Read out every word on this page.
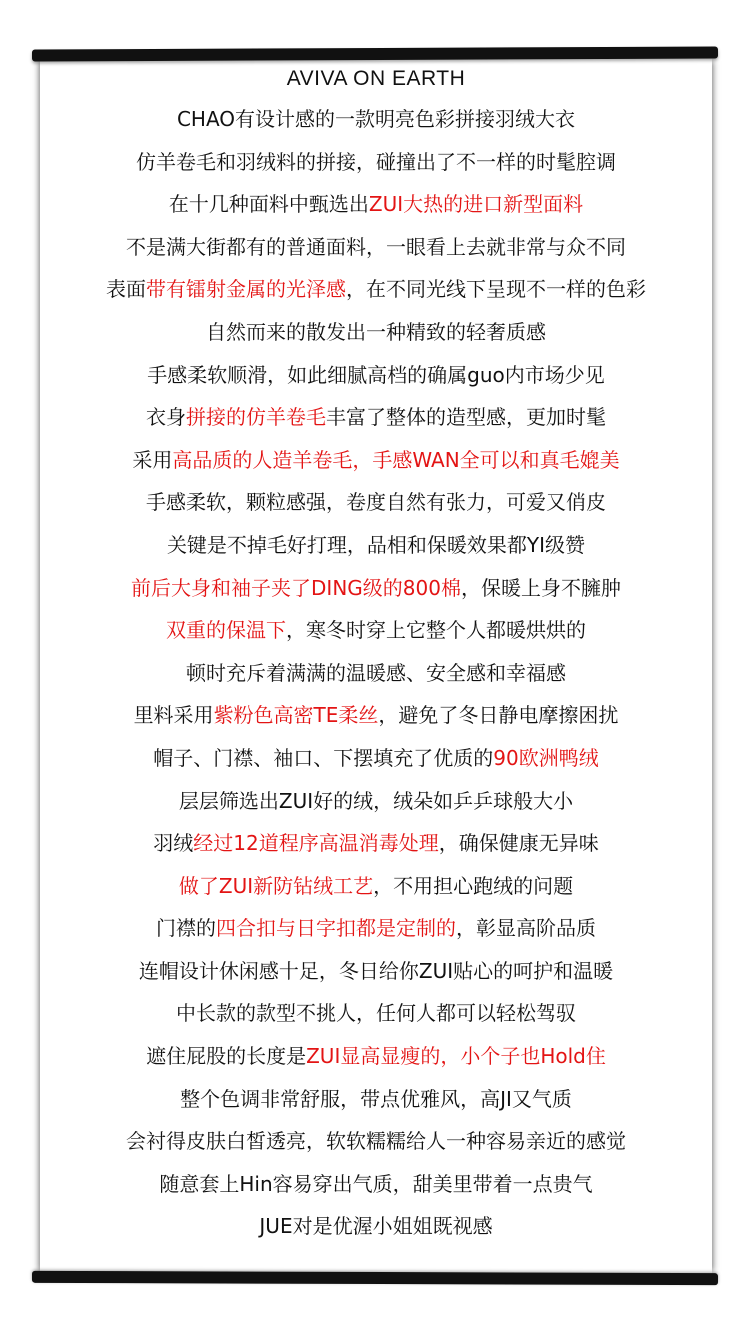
AVIVA ON EARTH
CHAO有设计感的一款明亮色彩拼接羽绒大衣
仿羊卷毛和羽绒料的拼接，碰撞出了不一样的时髦腔调
在十几种面料中甄选出ZUI大热的进口新型面料
不是满大街都有的普通面料，一眼看上去就非常与众不同
表面带有镭射金属的光泽感，在不同光线下呈现不一样的色彩
自然而来的散发出一种精致的轻奢质感
手感柔软顺滑，如此细腻高档的确属guo内市场少见
衣身拼接的仿羊卷毛丰富了整体的造型感，更加时髦
采用高品质的人造羊卷毛，手感WAN全可以和真毛媲美
手感柔软，颗粒感强，卷度自然有张力，可爱又俏皮
关键是不掉毛好打理，品相和保暖效果都YI级赞
前后大身和袖子夹了DING级的800棉，保暖上身不臃肿
双重的保温下，寒冬时穿上它整个人都暖烘烘的
顿时充斥着满满的温暖感、安全感和幸福感
里料采用紫粉色高密TE柔丝，避免了冬日静电摩擦困扰
帽子、门襟、袖口、下摆填充了优质的90欧洲鸭绒
层层筛选出ZUI好的绒，绒朵如乒乒球般大小
羽绒经过12道程序高温消毒处理，确保健康无异味
做了ZUI新防钻绒工艺，不用担心跑绒的问题
门襟的四合扣与日字扣都是定制的，彰显高阶品质
连帽设计休闲感十足，冬日给你ZUI贴心的呵护和温暖
中长款的款型不挑人，任何人都可以轻松驾驭
遮住屁股的长度是ZUI显高显瘦的，小个子也Hold住
整个色调非常舒服，带点优雅风，高JI又气质
会衬得皮肤白皙透亮，软软糯糯给人一种容易亲近的感觉
随意套上Hin容易穿出气质，甜美里带着一点贵气
JUE对是优渥小姐姐既视感
